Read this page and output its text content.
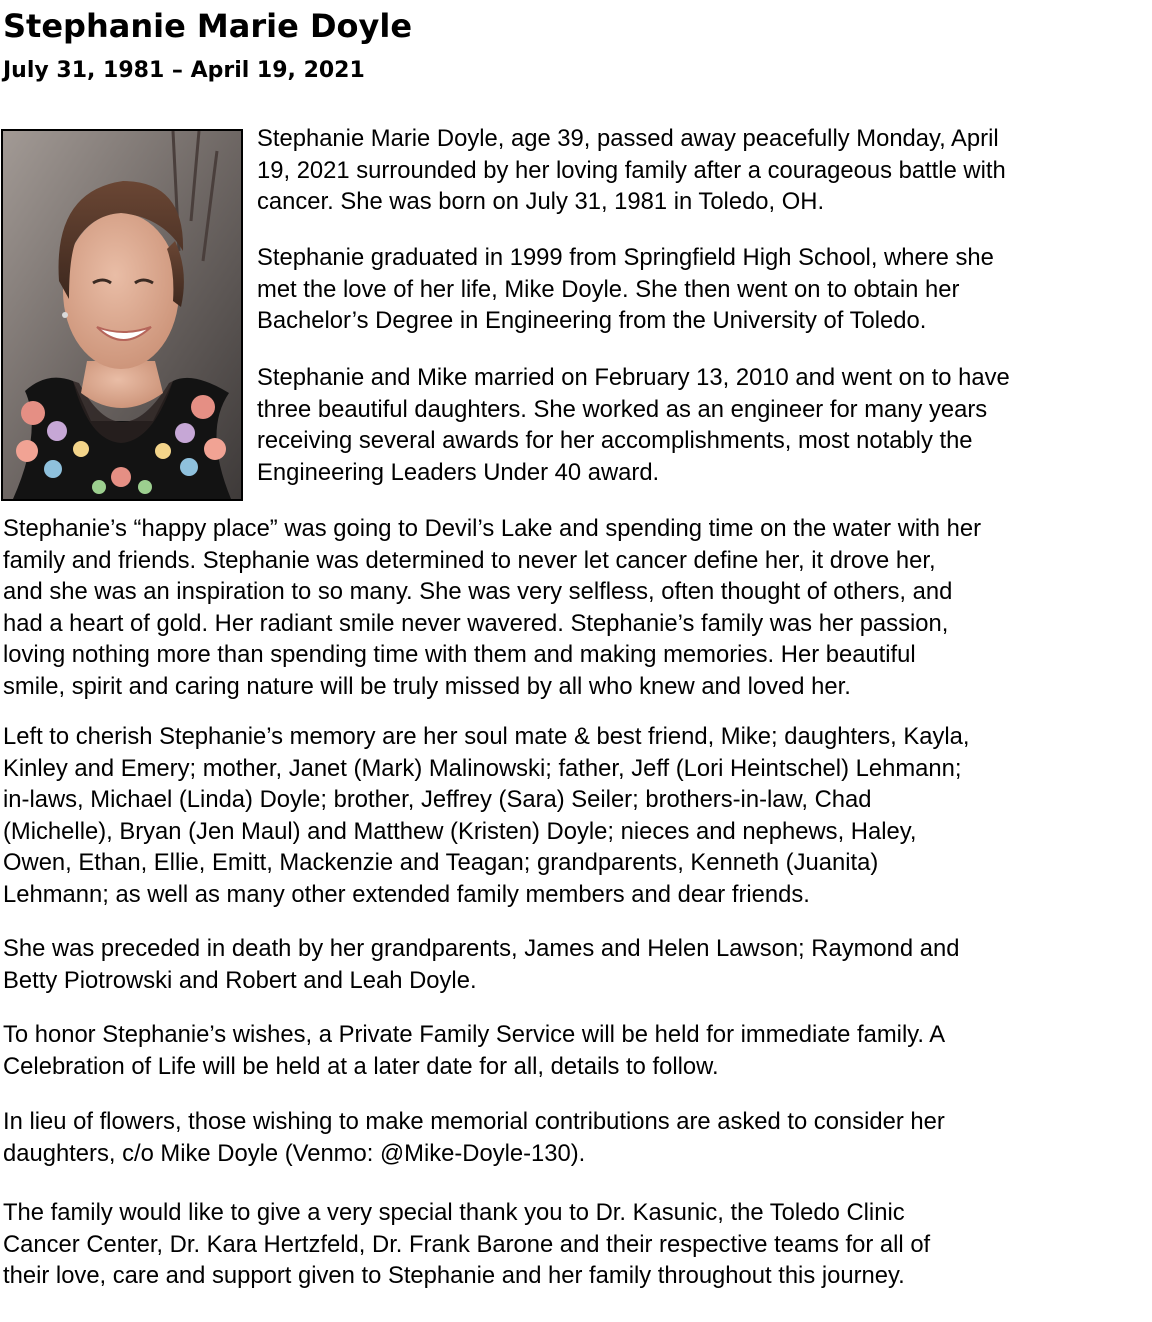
Stephanie Marie Doyle
July 31, 1981 – April 19, 2021

Stephanie Marie Doyle, age 39, passed away peacefully Monday, April
19, 2021 surrounded by her loving family after a courageous battle with
cancer. She was born on July 31, 1981 in Toledo, OH.

Stephanie graduated in 1999 from Springfield High School, where she
met the love of her life, Mike Doyle. She then went on to obtain her
Bachelor’s Degree in Engineering from the University of Toledo.

Stephanie and Mike married on February 13, 2010 and went on to have
three beautiful daughters. She worked as an engineer for many years
receiving several awards for her accomplishments, most notably the
Engineering Leaders Under 40 award.

Stephanie’s “happy place” was going to Devil’s Lake and spending time on the water with her
family and friends. Stephanie was determined to never let cancer define her, it drove her,
and she was an inspiration to so many. She was very selfless, often thought of others, and
had a heart of gold. Her radiant smile never wavered. Stephanie’s family was her passion,
loving nothing more than spending time with them and making memories. Her beautiful
smile, spirit and caring nature will be truly missed by all who knew and loved her.

Left to cherish Stephanie’s memory are her soul mate & best friend, Mike; daughters, Kayla,
Kinley and Emery; mother, Janet (Mark) Malinowski; father, Jeff (Lori Heintschel) Lehmann;
in-laws, Michael (Linda) Doyle; brother, Jeffrey (Sara) Seiler; brothers-in-law, Chad
(Michelle), Bryan (Jen Maul) and Matthew (Kristen) Doyle; nieces and nephews, Haley,
Owen, Ethan, Ellie, Emitt, Mackenzie and Teagan; grandparents, Kenneth (Juanita)
Lehmann; as well as many other extended family members and dear friends.

She was preceded in death by her grandparents, James and Helen Lawson; Raymond and
Betty Piotrowski and Robert and Leah Doyle.

To honor Stephanie’s wishes, a Private Family Service will be held for immediate family. A
Celebration of Life will be held at a later date for all, details to follow.

In lieu of flowers, those wishing to make memorial contributions are asked to consider her
daughters, c/o Mike Doyle (Venmo: @Mike-Doyle-130).

The family would like to give a very special thank you to Dr. Kasunic, the Toledo Clinic
Cancer Center, Dr. Kara Hertzfeld, Dr. Frank Barone and their respective teams for all of
their love, care and support given to Stephanie and her family throughout this journey.
